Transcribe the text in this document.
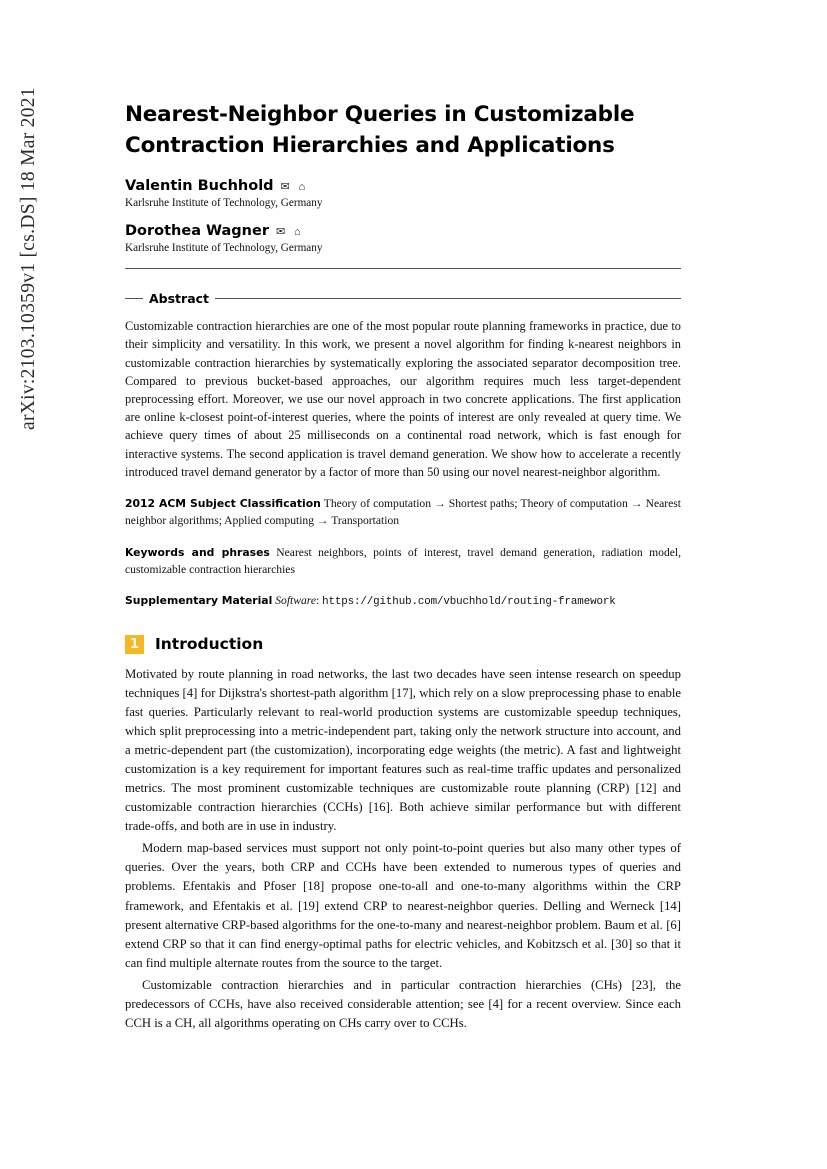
arXiv:2103.10359v1 [cs.DS] 18 Mar 2021	Nearest-Neighbor Queries in Customizable Contraction Hierarchies and Applications
Valentin Buchhold ✉ ⌂
Karlsruhe Institute of Technology, Germany
Dorothea Wagner ✉ ⌂
Karlsruhe Institute of Technology, Germany
Abstract
Customizable contraction hierarchies are one of the most popular route planning frameworks in practice, due to their simplicity and versatility. In this work, we present a novel algorithm for finding k-nearest neighbors in customizable contraction hierarchies by systematically exploring the associated separator decomposition tree. Compared to previous bucket-based approaches, our algorithm requires much less target-dependent preprocessing effort. Moreover, we use our novel approach in two concrete applications. The first application are online k-closest point-of-interest queries, where the points of interest are only revealed at query time. We achieve query times of about 25 milliseconds on a continental road network, which is fast enough for interactive systems. The second application is travel demand generation. We show how to accelerate a recently introduced travel demand generator by a factor of more than 50 using our novel nearest-neighbor algorithm.
2012 ACM Subject Classification Theory of computation → Shortest paths; Theory of computation → Nearest neighbor algorithms; Applied computing → Transportation
Keywords and phrases Nearest neighbors, points of interest, travel demand generation, radiation model, customizable contraction hierarchies
Supplementary Material Software: https://github.com/vbuchhold/routing-framework
1	Introduction
Motivated by route planning in road networks, the last two decades have seen intense research on speedup techniques [4] for Dijkstra's shortest-path algorithm [17], which rely on a slow preprocessing phase to enable fast queries. Particularly relevant to real-world production systems are customizable speedup techniques, which split preprocessing into a metric-independent part, taking only the network structure into account, and a metric-dependent part (the customization), incorporating edge weights (the metric). A fast and lightweight customization is a key requirement for important features such as real-time traffic updates and personalized metrics. The most prominent customizable techniques are customizable route planning (CRP) [12] and customizable contraction hierarchies (CCHs) [16]. Both achieve similar performance but with different trade-offs, and both are in use in industry.
Modern map-based services must support not only point-to-point queries but also many other types of queries. Over the years, both CRP and CCHs have been extended to numerous types of queries and problems. Efentakis and Pfoser [18] propose one-to-all and one-to-many algorithms within the CRP framework, and Efentakis et al. [19] extend CRP to nearest-neighbor queries. Delling and Werneck [14] present alternative CRP-based algorithms for the one-to-many and nearest-neighbor problem. Baum et al. [6] extend CRP so that it can find energy-optimal paths for electric vehicles, and Kobitzsch et al. [30] so that it can find multiple alternate routes from the source to the target.
Customizable contraction hierarchies and in particular contraction hierarchies (CHs) [23], the predecessors of CCHs, have also received considerable attention; see [4] for a recent overview. Since each CCH is a CH, all algorithms operating on CHs carry over to CCHs.
